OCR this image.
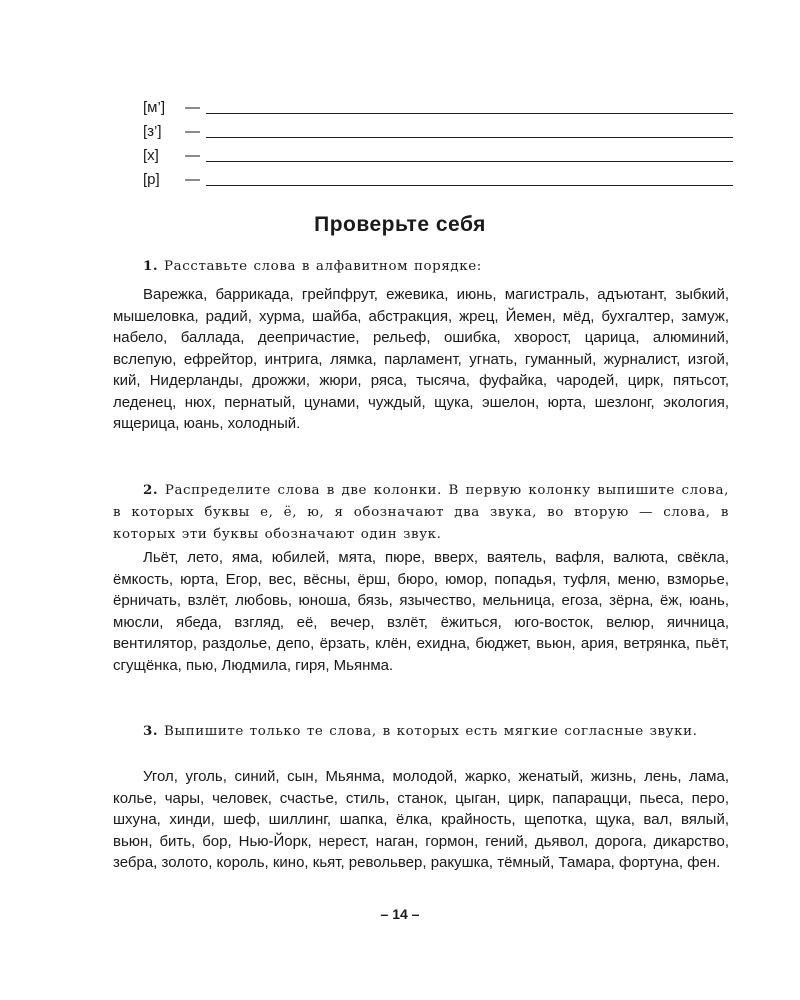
[м’] —
[з’] —
[х] —
[р] —
Проверьте себя
1. Расставьте слова в алфавитном порядке:
Варежка, баррикада, грейпфрут, ежевика, июнь, магистраль, адъютант, зыбкий, мышеловка, радий, хурма, шайба, абстракция, жрец, Йемен, мёд, бухгалтер, замуж, набело, баллада, деепричастие, рельеф, ошибка, хворост, царица, алюминий, вслепую, ефрейтор, интрига, лямка, парламент, угнать, гуманный, журналист, изгой, кий, Нидерланды, дрожжи, жюри, ряса, тысяча, фуфайка, чародей, цирк, пятьсот, леденец, нюх, пернатый, цунами, чуждый, щука, эшелон, юрта, шезлонг, экология, ящерица, юань, холодный.
2. Распределите слова в две колонки. В первую колонку выпишите слова, в которых буквы е, ё, ю, я обозначают два звука, во вторую — слова, в которых эти буквы обозначают один звук.
Льёт, лето, яма, юбилей, мята, пюре, вверх, ваятель, вафля, валюта, свёкла, ёмкость, юрта, Егор, вес, вёсны, ёрш, бюро, юмор, попадья, туфля, меню, взморье, ёрничать, взлёт, любовь, юноша, бязь, язычество, мельница, егоза, зёрна, ёж, юань, мюсли, ябеда, взгляд, её, вечер, взлёт, ёжиться, юго-восток, велюр, яичница, вентилятор, раздолье, депо, ёрзать, клён, ехидна, бюджет, вьюн, ария, ветрянка, пьёт, сгущёнка, пью, Людмила, гиря, Мьянма.
3. Выпишите только те слова, в которых есть мягкие согласные звуки.
Угол, уголь, синий, сын, Мьянма, молодой, жарко, женатый, жизнь, лень, лама, колье, чары, человек, счастье, стиль, станок, цыган, цирк, папарацци, пьеса, перо, шхуна, хинди, шеф, шиллинг, шапка, ёлка, крайность, щепотка, щука, вал, вялый, вьюн, бить, бор, Нью-Йорк, нерест, наган, гормон, гений, дьявол, дорога, дикарство, зебра, золото, король, кино, кьят, револьвер, ракушка, тёмный, Тамара, фортуна, фен.
– 14 –
